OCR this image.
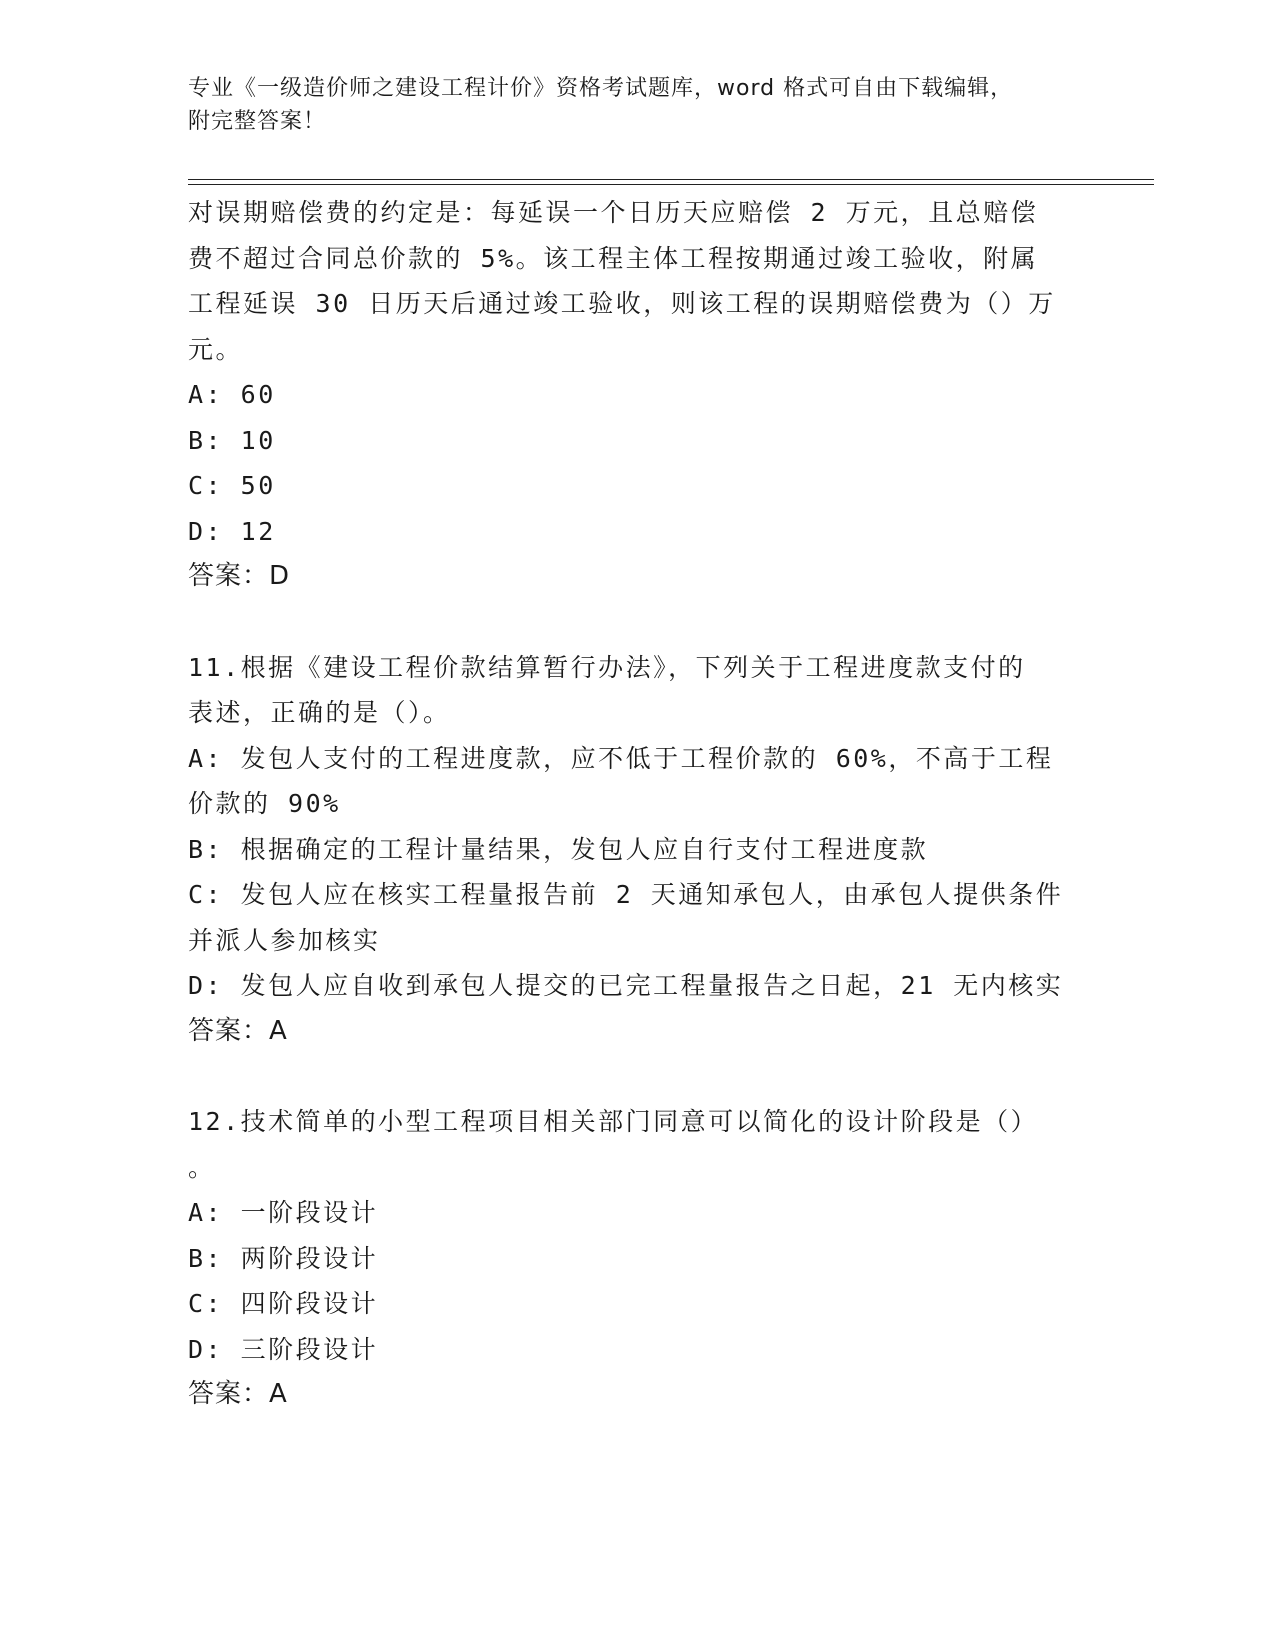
专业《一级造价师之建设工程计价》资格考试题库，word 格式可自由下载编辑，
附完整答案！
对误期赔偿费的约定是：每延误一个日历天应赔偿 2 万元，且总赔偿
费不超过合同总价款的 5%。该工程主体工程按期通过竣工验收，附属
工程延误 30 日历天后通过竣工验收，则该工程的误期赔偿费为（）万
元。
A: 60
B: 10
C: 50
D: 12
答案：D
11.根据《建设工程价款结算暂行办法》，下列关于工程进度款支付的
表述，正确的是（）。
A: 发包人支付的工程进度款，应不低于工程价款的 60%，不高于工程
价款的 90%
B: 根据确定的工程计量结果，发包人应自行支付工程进度款
C: 发包人应在核实工程量报告前 2 天通知承包人，由承包人提供条件
并派人参加核实
D: 发包人应自收到承包人提交的已完工程量报告之日起，21 无内核实
答案：A
12.技术简单的小型工程项目相关部门同意可以简化的设计阶段是（）
。
A: 一阶段设计
B: 两阶段设计
C: 四阶段设计
D: 三阶段设计
答案：A
